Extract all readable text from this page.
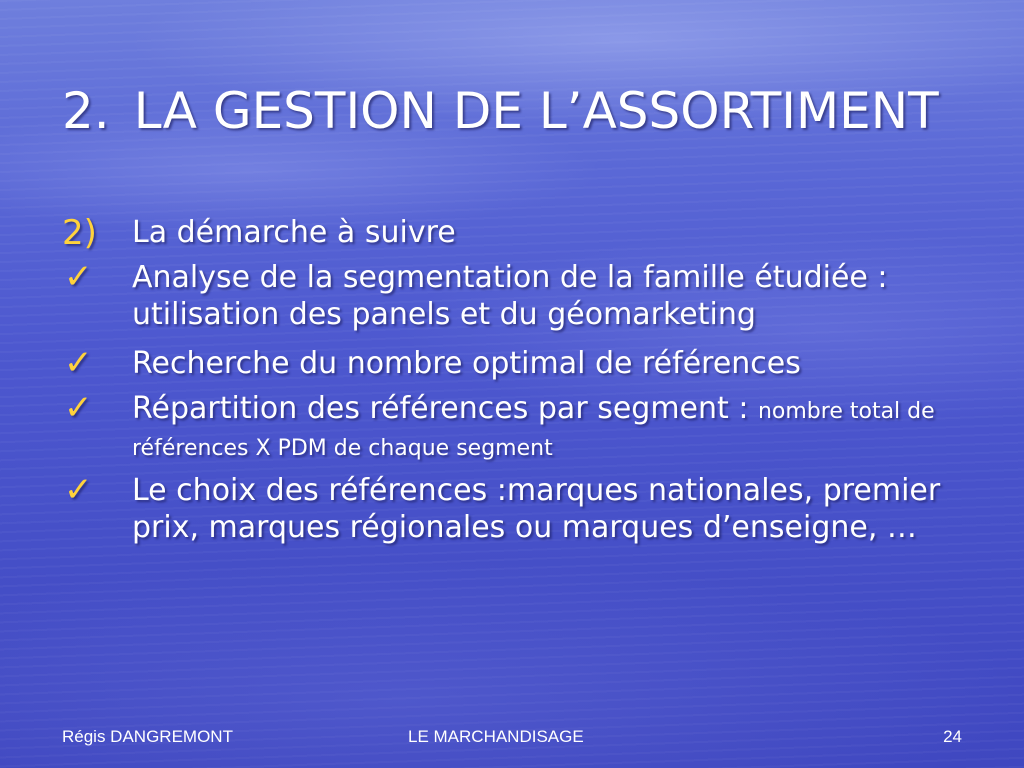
2. LA GESTION DE L’ASSORTIMENT
2) La démarche à suivre
✓ Analyse de la segmentation de la famille étudiée : utilisation des panels et du géomarketing
✓ Recherche du nombre optimal de références
✓ Répartition des références par segment : nombre total de références X PDM de chaque segment
✓ Le choix des références :marques nationales, premier prix, marques régionales ou marques d’enseigne, …
Régis DANGREMONT	LE MARCHANDISAGE	24
